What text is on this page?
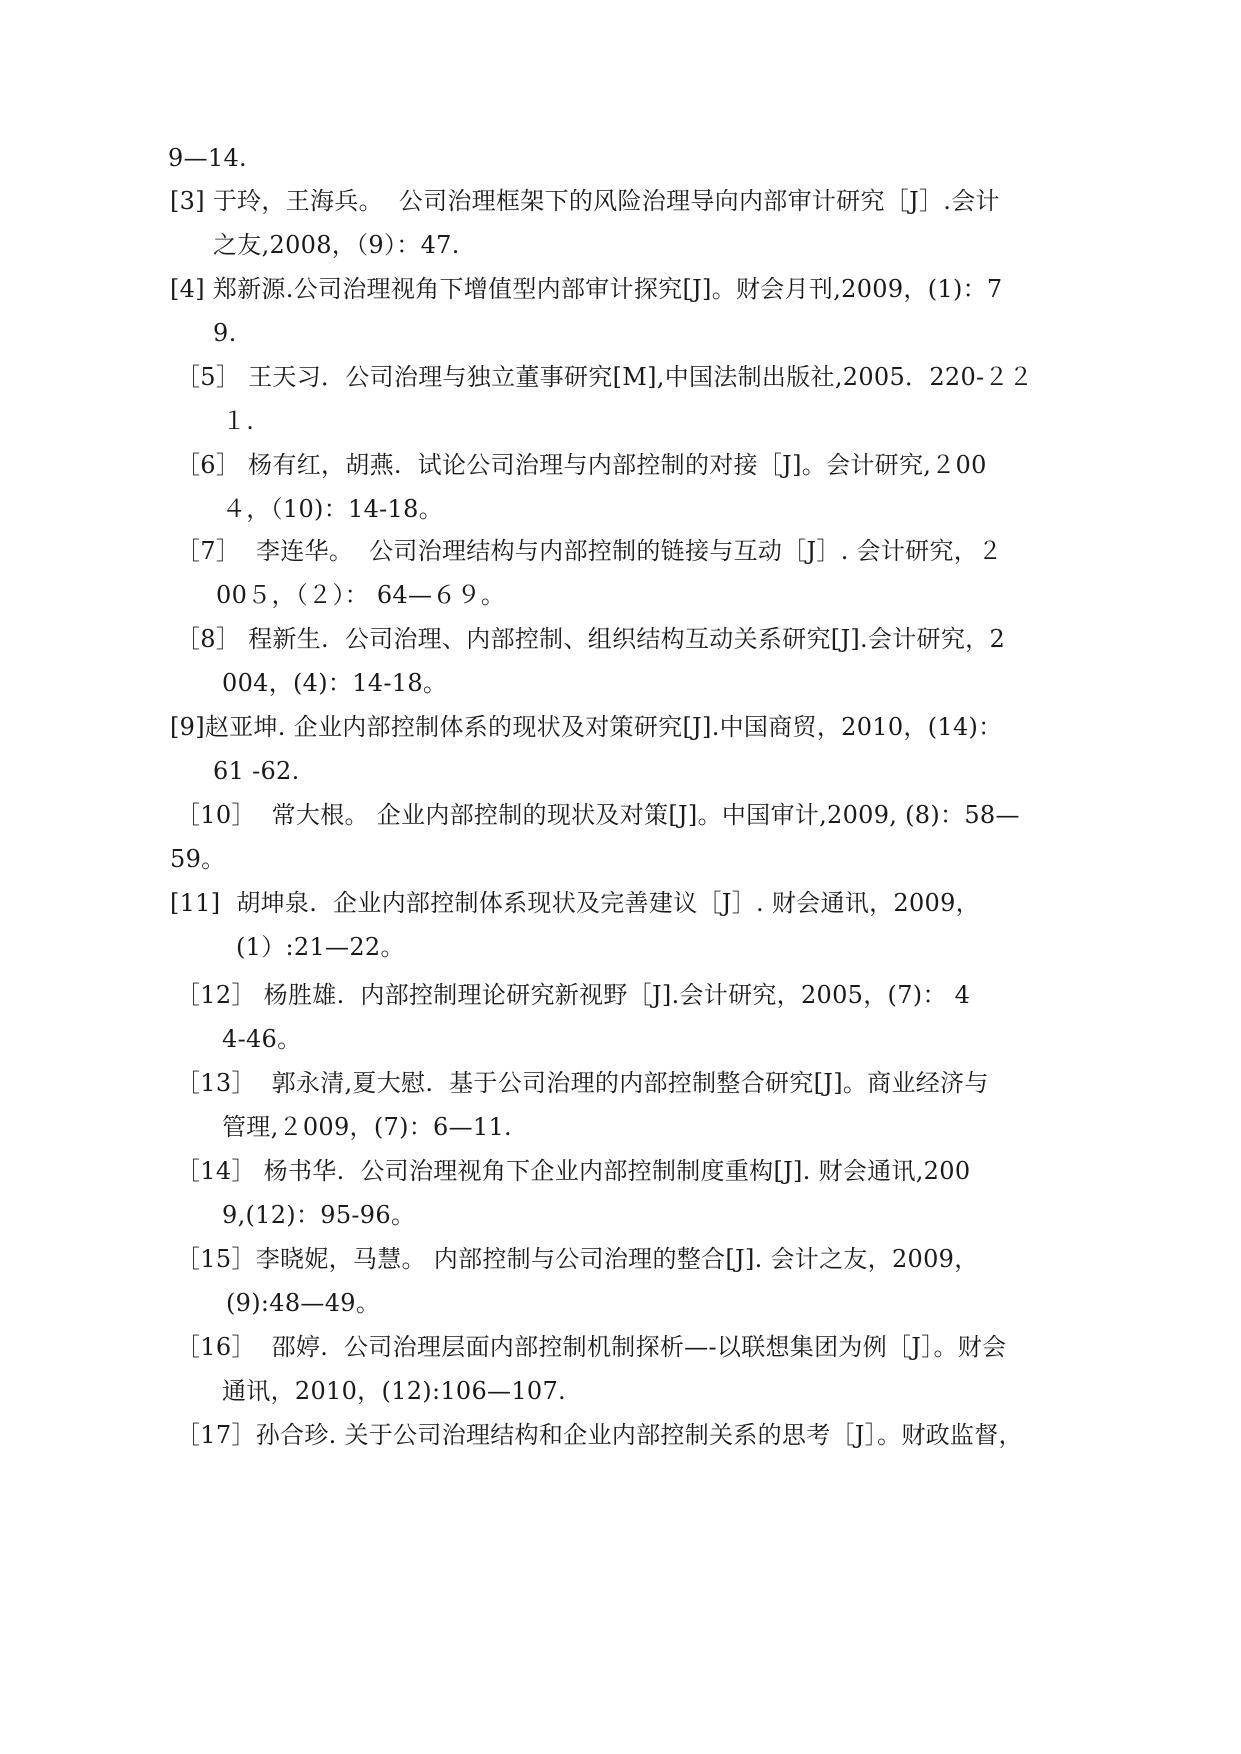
9—14.
[3] 于玲，王海兵。  公司治理框架下的风险治理导向内部审计研究［J］.会计
之友,2008，（9）：47.
[4] 郑新源.公司治理视角下增值型内部审计探究[J]。财会月刊,2009，(1)：7
9.
［5］ 王天习．公司治理与独立董事研究[M],中国法制出版社,2005．220-２２
１.
［6］ 杨有红，胡燕.  试论公司治理与内部控制的对接［J]。会计研究,２00
４，（10)：14-18。
［7］  李连华。  公司治理结构与内部控制的链接与互动［J］. 会计研究，２
00５，（２）： 64—６９。
［8］ 程新生.  公司治理、内部控制、组织结构互动关系研究[J].会计研究，2
004，(4)：14-18。
[9]赵亚坤. 企业内部控制体系的现状及对策研究[J].中国商贸，2010，(14)：
61 -62.
［10］  常大根。 企业内部控制的现状及对策[J]。中国审计,2009, (8)：58—
59。
[11]  胡坤泉.  企业内部控制体系现状及完善建议［J］. 财会通讯，2009，
(1）:21—22。
［12］ 杨胜雄.  内部控制理论研究新视野［J].会计研究，2005，(7)： 4
4-46。
［13］  郭永清,夏大慰.  基于公司治理的内部控制整合研究[J]。商业经济与
管理,２009，(7)：6—11.
［14］ 杨书华.  公司治理视角下企业内部控制制度重构[J]. 财会通讯,200
9,(12)：95-96。
［15］李晓妮，马慧。 内部控制与公司治理的整合[J]. 会计之友，2009，
(9):48—49。
［16］  邵婷.  公司治理层面内部控制机制探析—-以联想集团为例［J］。财会
通讯，2010，(12):106—107.
［17］孙合珍. 关于公司治理结构和企业内部控制关系的思考［J］。财政监督，
